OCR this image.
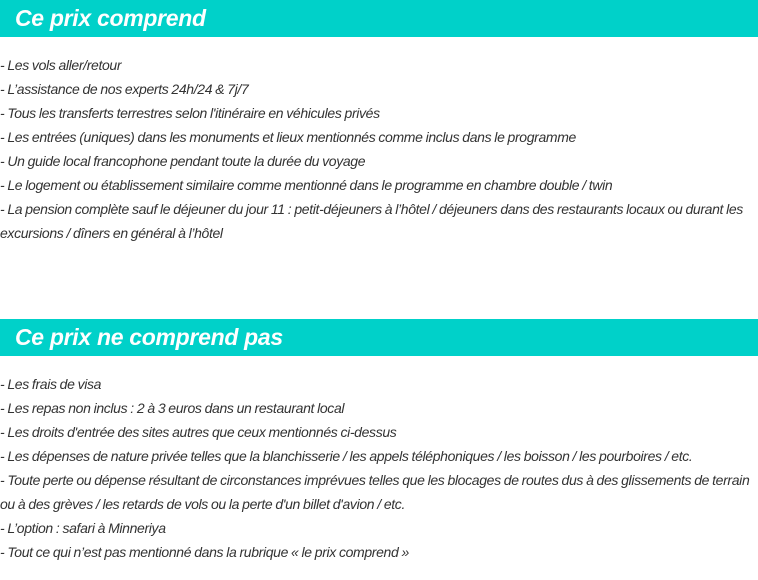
Ce prix comprend
- Les vols aller/retour
- L’assistance de nos experts 24h/24 & 7j/7
- Tous les transferts terrestres selon l'itinéraire en véhicules privés
- Les entrées (uniques) dans les monuments et lieux mentionnés comme inclus dans le programme
- Un guide local francophone pendant toute la durée du voyage
- Le logement ou établissement similaire comme mentionné dans le programme en chambre double / twin
- La pension complète sauf le déjeuner du jour 11 : petit-déjeuners à l’hôtel / déjeuners dans des restaurants locaux ou durant les excursions / dîners en général à l’hôtel
Ce prix ne comprend pas
- Les frais de visa
- Les repas non inclus : 2 à 3 euros dans un restaurant local
- Les droits d'entrée des sites autres que ceux mentionnés ci-dessus
- Les dépenses de nature privée telles que la blanchisserie / les appels téléphoniques / les boisson / les pourboires / etc.
- Toute perte ou dépense résultant de circonstances imprévues telles que les blocages de routes dus à des glissements de terrain ou à des grèves / les retards de vols ou la perte d'un billet d'avion / etc.
- L’option : safari à Minneriya
- Tout ce qui n’est pas mentionné dans la rubrique « le prix comprend »
